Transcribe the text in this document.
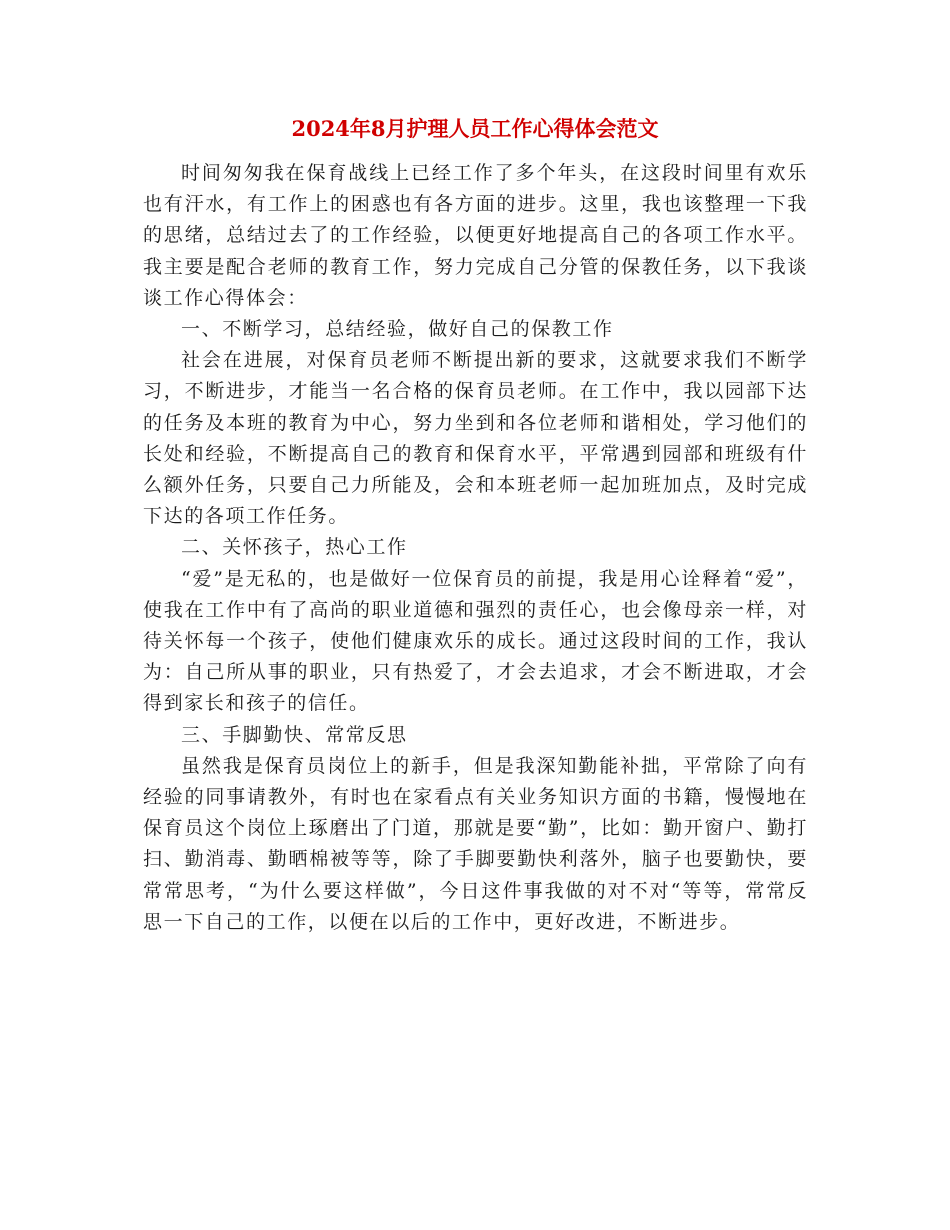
2024年8月护理人员工作心得体会范文

时间匆匆我在保育战线上已经工作了多个年头，在这段时间里有欢乐也有汗水，有工作上的困惑也有各方面的进步。这里，我也该整理一下我的思绪，总结过去了的工作经验，以便更好地提高自己的各项工作水平。我主要是配合老师的教育工作，努力完成自己分管的保教任务，以下我谈谈工作心得体会：

一、不断学习，总结经验，做好自己的保教工作

社会在进展，对保育员老师不断提出新的要求，这就要求我们不断学习，不断进步，才能当一名合格的保育员老师。在工作中，我以园部下达的任务及本班的教育为中心，努力坐到和各位老师和谐相处，学习他们的长处和经验，不断提高自己的教育和保育水平，平常遇到园部和班级有什么额外任务，只要自己力所能及，会和本班老师一起加班加点，及时完成下达的各项工作任务。

二、关怀孩子，热心工作

“爱”是无私的，也是做好一位保育员的前提，我是用心诠释着“爱”，使我在工作中有了高尚的职业道德和强烈的责任心，也会像母亲一样，对待关怀每一个孩子，使他们健康欢乐的成长。通过这段时间的工作，我认为：自己所从事的职业，只有热爱了，才会去追求，才会不断进取，才会得到家长和孩子的信任。

三、手脚勤快、常常反思

虽然我是保育员岗位上的新手，但是我深知勤能补拙，平常除了向有经验的同事请教外，有时也在家看点有关业务知识方面的书籍，慢慢地在保育员这个岗位上琢磨出了门道，那就是要“勤”，比如：勤开窗户、勤打扫、勤消毒、勤晒棉被等等，除了手脚要勤快利落外，脑子也要勤快，要常常思考，“为什么要这样做”，今日这件事我做的对不对“等等，常常反思一下自己的工作，以便在以后的工作中，更好改进，不断进步。
